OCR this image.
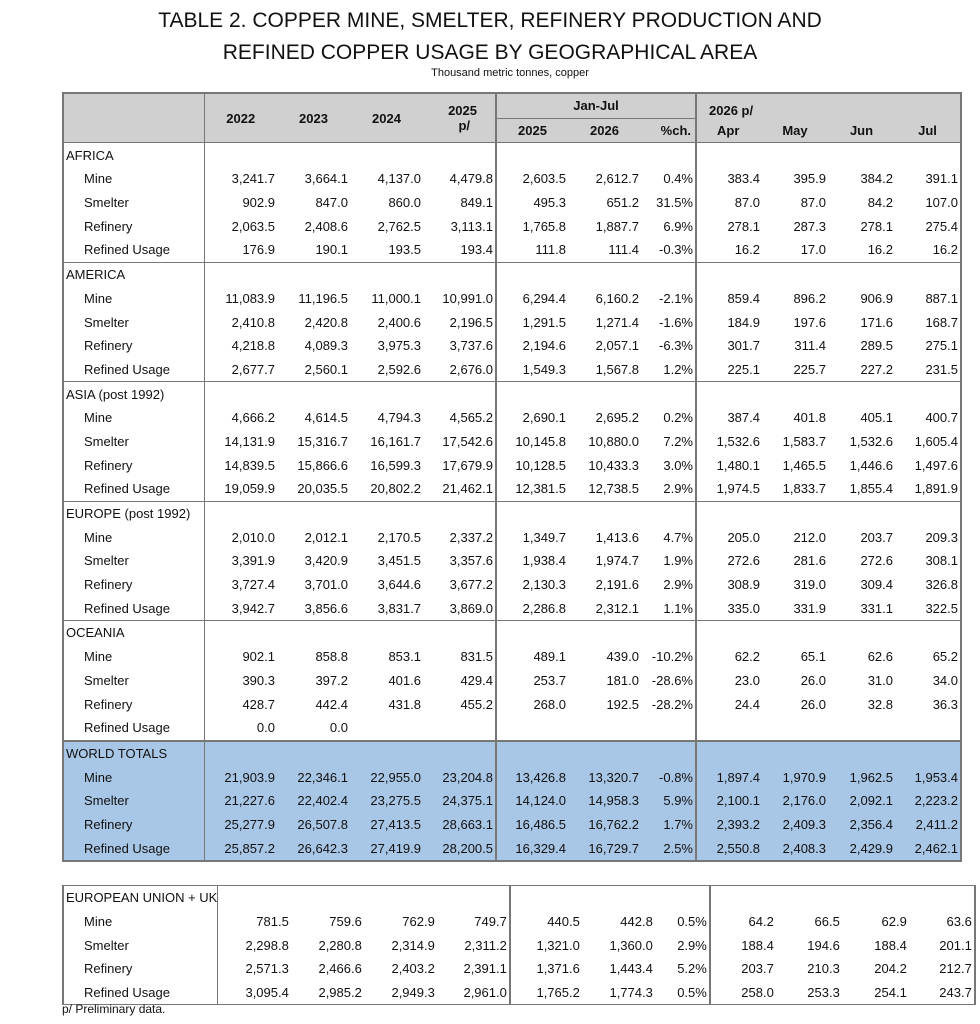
TABLE 2. COPPER MINE, SMELTER, REFINERY PRODUCTION AND
REFINED COPPER USAGE BY GEOGRAPHICAL AREA
Thousand metric tonnes, copper
	2022	2023	2024	2025	Jan-Jul			2026 p/			
				p/	2025	2026	%ch.	Apr	May	Jun	Jul
AFRICA											
Mine	3,241.7	3,664.1	4,137.0	4,479.8	2,603.5	2,612.7	0.4%	383.4	395.9	384.2	391.1
Smelter	902.9	847.0	860.0	849.1	495.3	651.2	31.5%	87.0	87.0	84.2	107.0
Refinery	2,063.5	2,408.6	2,762.5	3,113.1	1,765.8	1,887.7	6.9%	278.1	287.3	278.1	275.4
Refined Usage	176.9	190.1	193.5	193.4	111.8	111.4	-0.3%	16.2	17.0	16.2	16.2
AMERICA											
Mine	11,083.9	11,196.5	11,000.1	10,991.0	6,294.4	6,160.2	-2.1%	859.4	896.2	906.9	887.1
Smelter	2,410.8	2,420.8	2,400.6	2,196.5	1,291.5	1,271.4	-1.6%	184.9	197.6	171.6	168.7
Refinery	4,218.8	4,089.3	3,975.3	3,737.6	2,194.6	2,057.1	-6.3%	301.7	311.4	289.5	275.1
Refined Usage	2,677.7	2,560.1	2,592.6	2,676.0	1,549.3	1,567.8	1.2%	225.1	225.7	227.2	231.5
ASIA (post 1992)											
Mine	4,666.2	4,614.5	4,794.3	4,565.2	2,690.1	2,695.2	0.2%	387.4	401.8	405.1	400.7
Smelter	14,131.9	15,316.7	16,161.7	17,542.6	10,145.8	10,880.0	7.2%	1,532.6	1,583.7	1,532.6	1,605.4
Refinery	14,839.5	15,866.6	16,599.3	17,679.9	10,128.5	10,433.3	3.0%	1,480.1	1,465.5	1,446.6	1,497.6
Refined Usage	19,059.9	20,035.5	20,802.2	21,462.1	12,381.5	12,738.5	2.9%	1,974.5	1,833.7	1,855.4	1,891.9
EUROPE (post 1992)											
Mine	2,010.0	2,012.1	2,170.5	2,337.2	1,349.7	1,413.6	4.7%	205.0	212.0	203.7	209.3
Smelter	3,391.9	3,420.9	3,451.5	3,357.6	1,938.4	1,974.7	1.9%	272.6	281.6	272.6	308.1
Refinery	3,727.4	3,701.0	3,644.6	3,677.2	2,130.3	2,191.6	2.9%	308.9	319.0	309.4	326.8
Refined Usage	3,942.7	3,856.6	3,831.7	3,869.0	2,286.8	2,312.1	1.1%	335.0	331.9	331.1	322.5
OCEANIA											
Mine	902.1	858.8	853.1	831.5	489.1	439.0	-10.2%	62.2	65.1	62.6	65.2
Smelter	390.3	397.2	401.6	429.4	253.7	181.0	-28.6%	23.0	26.0	31.0	34.0
Refinery	428.7	442.4	431.8	455.2	268.0	192.5	-28.2%	24.4	26.0	32.8	36.3
Refined Usage	0.0	0.0									
WORLD TOTALS											
Mine	21,903.9	22,346.1	22,955.0	23,204.8	13,426.8	13,320.7	-0.8%	1,897.4	1,970.9	1,962.5	1,953.4
Smelter	21,227.6	22,402.4	23,275.5	24,375.1	14,124.0	14,958.3	5.9%	2,100.1	2,176.0	2,092.1	2,223.2
Refinery	25,277.9	26,507.8	27,413.5	28,663.1	16,486.5	16,762.2	1.7%	2,393.2	2,409.3	2,356.4	2,411.2
Refined Usage	25,857.2	26,642.3	27,419.9	28,200.5	16,329.4	16,729.7	2.5%	2,550.8	2,408.3	2,429.9	2,462.1
EUROPEAN UNION + UK											
Mine	781.5	759.6	762.9	749.7	440.5	442.8	0.5%	64.2	66.5	62.9	63.6
Smelter	2,298.8	2,280.8	2,314.9	2,311.2	1,321.0	1,360.0	2.9%	188.4	194.6	188.4	201.1
Refinery	2,571.3	2,466.6	2,403.2	2,391.1	1,371.6	1,443.4	5.2%	203.7	210.3	204.2	212.7
Refined Usage	3,095.4	2,985.2	2,949.3	2,961.0	1,765.2	1,774.3	0.5%	258.0	253.3	254.1	243.7
p/ Preliminary data.
